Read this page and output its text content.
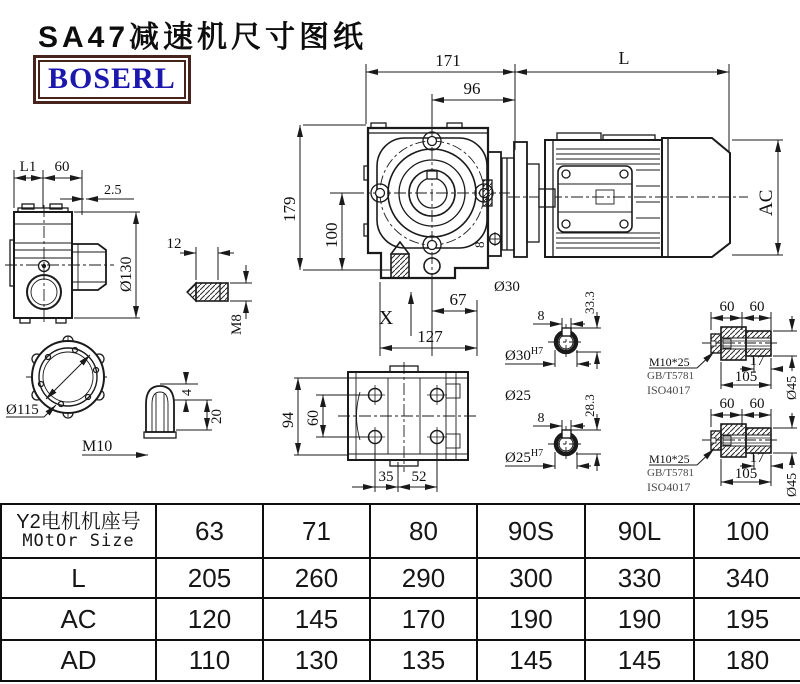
8
171	L
96
179
100
X
67
127
Ø30
AC
L1 60
2.5
Ø130
12
M8
Ø115
4
20
M10
94 60
35 52
8
33.3
$Ø30^{H7}$
Ø25
8
28.3
$Ø25^{H7}$
60 60
17
105 Ø45
M10*25
GB/T5781
ISO4017
60 60
17
105 Ø45
M10*25
GB/T5781
ISO4017
SA47减速机尺寸图纸
BOSERL
Y2电机机座号
MOtOr Size	63	71	80	90S	90L	100
L	205	260	290	300	330	340
AC	120	145	170	190	190	195
AD	110	130	135	145	145	180
